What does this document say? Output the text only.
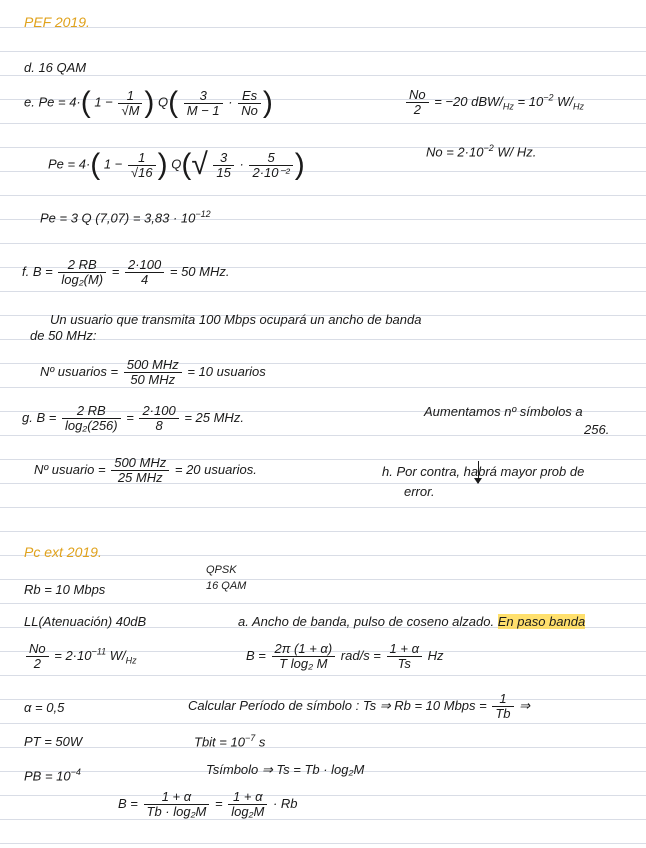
PEF 2019.
d. 16 QAM
e. Pe = 4·( $1 - \frac{1}{√M}$ ) $Q( \frac{3}{M - 1} \cdot \frac{Es}{No}$ )	$\frac{No}{2} = -20$ dBW/$_{Hz} = 10^{-2}$ $W/_{Hz}$
$No = 2\cdot 10^{-2}$ W/ Hz.
Pe = 4·( $1 - \frac{1}{√16}$ ) $Q(√ \frac{3}{15} \cdot \frac{5}{\text{2·10⁻²}}$ )
Pe = 3 Q $(7,07) = 3,83 \cdot 10^{-12}$
f. $B = \frac{2 RB}{\text{log₂(M)}} = \frac{2\cdot 100}{4} = 50$ MHz.
Un usuario que transmita 100 Mbps ocupará un ancho de banda
de 50 MHz:
Nº usuarios = $\frac{\text{500 MHz}}{\text{50 MHz}} = 10$ usuarios
g. $B = \frac{2 RB}{\text{log₂(256)}} = \frac{2\cdot 100}{8} = 25$ MHz.	Aumentamos nº símbolos a
256.
Nº usuario = $\frac{\text{500 MHz}}{\text{25 MHz}} = 20$ usuarios.	h. Por contra, habrá mayor prob de
error.
Pc ext 2019.
QPSK
16 QAM
Rb = 10 Mbps
LL(Atenuación) 40dB	a. Ancho de banda, pulso de coseno alzado. En paso banda
$\frac{No}{2} = 2\cdot 10^{-11}$ $W/_{Hz}$	$B = \frac{2\pi (1 + \alpha)}{\text{T log₂ M}} rad/s = \frac{1 + \alpha}{Ts}$ Hz
α = 0,5	Calcular Período de símbolo : Ts ⇒ Rb = 10 Mbps = $\frac{1}{Tb}$ ⇒
PT = 50W	Tbit = $10^{-7}$ s
PB = $10^{-4}$	Tsímbolo ⇒ Ts = Tb · log₂M
$B = \frac{1 + \alpha}{\text{Tb · log₂M}} = \frac{1 + \alpha}{\text{log₂M}} \cdot Rb$
